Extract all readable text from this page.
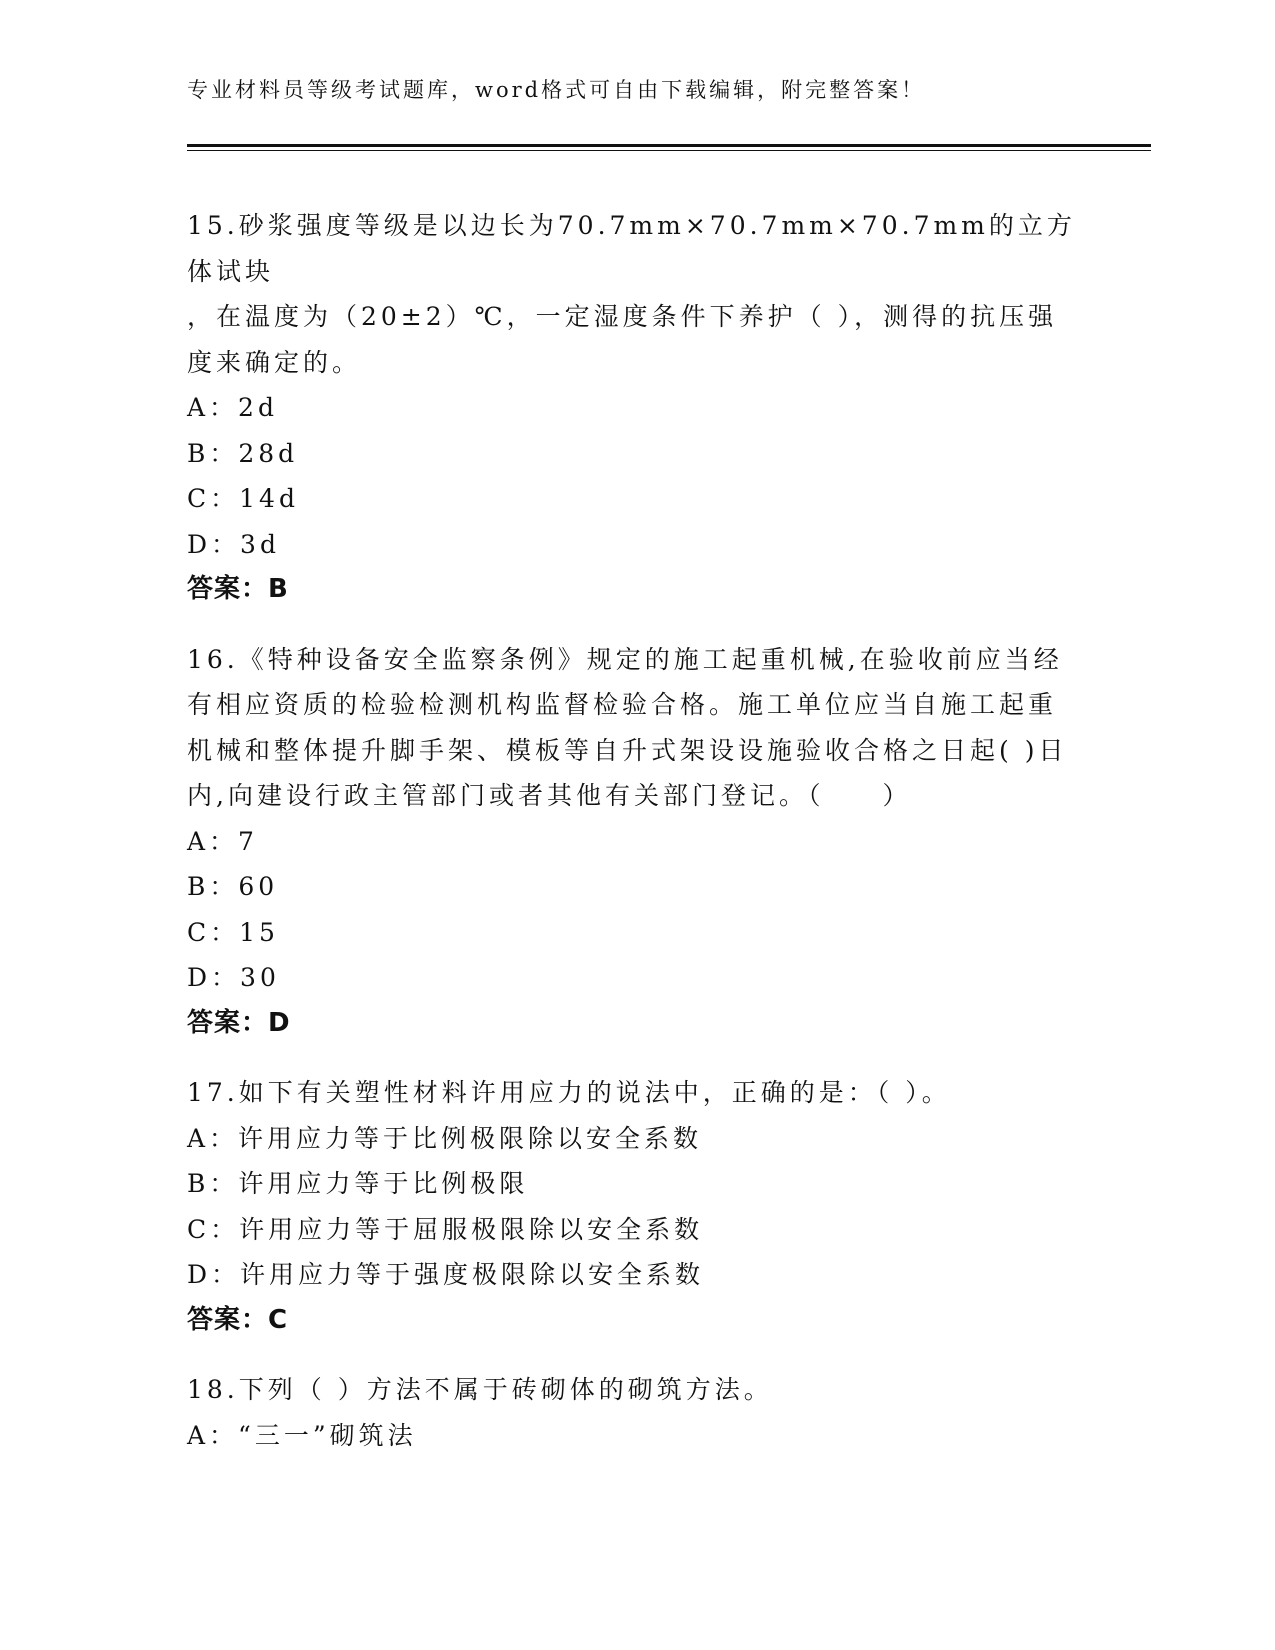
专业材料员等级考试题库，word格式可自由下载编辑，附完整答案！

15.砂浆强度等级是以边长为70.7mm×70.7mm×70.7mm的立方体试块

，在温度为（20±2）℃，一定湿度条件下养护（ ），测得的抗压强

度来确定的。

A：2d

B：28d

C：14d

D：3d

答案：B

16.《特种设备安全监察条例》规定的施工起重机械,在验收前应当经

有相应资质的检验检测机构监督检验合格。施工单位应当自施工起重

机械和整体提升脚手架、模板等自升式架设设施验收合格之日起( )日

内,向建设行政主管部门或者其他有关部门登记。（　　）

A：7

B：60

C：15

D：30

答案：D

17.如下有关塑性材料许用应力的说法中，正确的是：（ ）。

A：许用应力等于比例极限除以安全系数

B：许用应力等于比例极限

C：许用应力等于屈服极限除以安全系数

D：许用应力等于强度极限除以安全系数

答案：C

18.下列（ ）方法不属于砖砌体的砌筑方法。

A：“三一”砌筑法
